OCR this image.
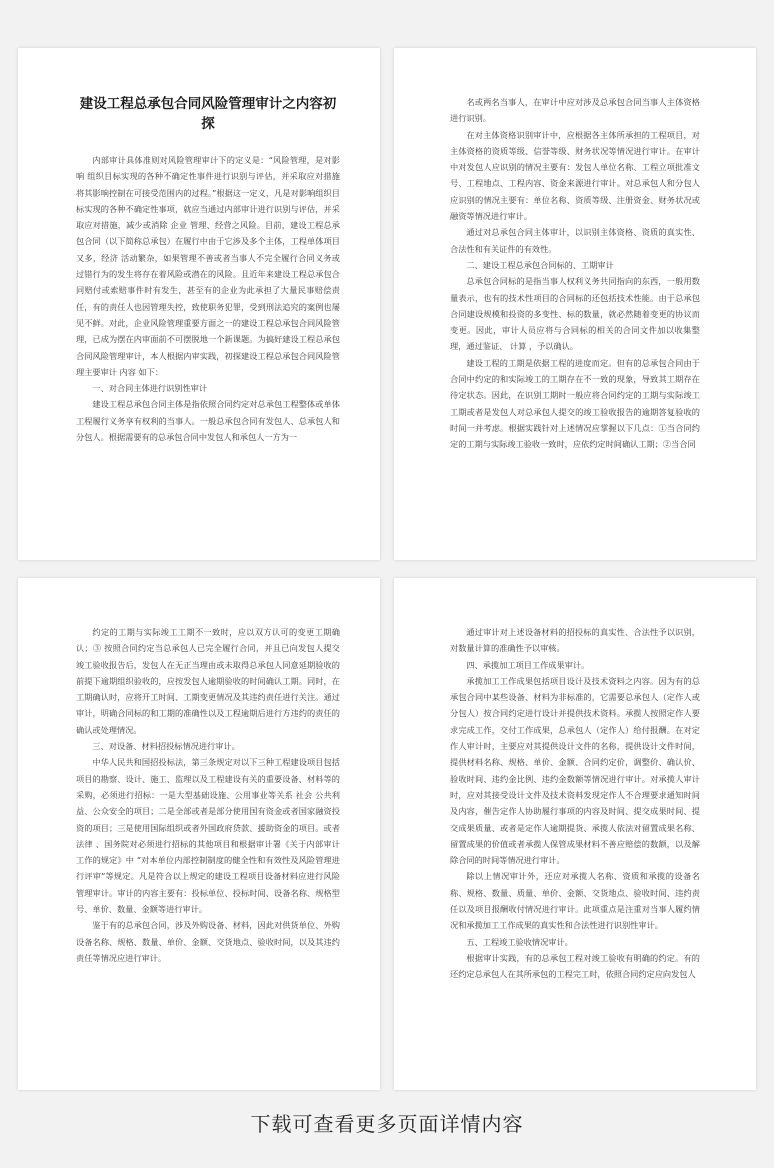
建设工程总承包合同风险管理审计之内容初探

内部审计具体准则对风险管理审计下的定义是：“风险管理，是对影响 组织目标实现的各种不确定性事件进行识别与评估，并采取应对措施将其影响控制在可接受范围内的过程。”根据这一定义，凡是对影响组织目标实现的各种不确定性事项，就应当通过内部审计进行识别与评估，并采取应对措施，减少或消除 企业 管理、经营之风险。目前，建设工程总承包合同（以下简称总承包）在履行中由于它涉及多个主体，工程单体项目又多，经济 活动繁杂，如果管理不善或者当事人不完全履行合同义务或过错行为的发生将存在着风险或潜在的风险。且近年来建设工程总承包合同赔付或索赔事件时有发生，甚至有的企业为此承担了大量民事赔偿责任，有的责任人也因管理失控，致使职务犯罪，受到刑法追究的案例也屡见不鲜。对此，企业风险管理重要方面之一的建设工程总承包合同风险管理，已成为摆在内审面前不可摆脱地一个新课题。为搞好建设工程总承包合同风险管理审计，本人根据内审实践，初探建设工程总承包合同风险管理主要审计 内容 如下：

一、对合同主体进行识别性审计

建设工程总承包合同主体是指依照合同约定对总承包工程整体或单体工程履行义务享有权利的当事人。一般总承包合同有发包人、总承包人和分包人。根据需要有的总承包合同中发包人和承包人一方为一

名或两名当事人，在审计中应对涉及总承包合同当事人主体资格进行识别。

在对主体资格识别审计中，应根据各主体所承担的工程项目，对主体资格的资质等级、信誉等级、财务状况等情况进行审计。在审计中对发包人应识别的情况主要有：发包人单位名称、工程立项批准文号、工程地点、工程内容、资金来源进行审计。对总承包人和分包人应识别的情况主要有：单位名称、资质等级、注册资金、财务状况或融资等情况进行审计。

通过对总承包合同主体审计，以识别主体资格、资质的真实性、合法性和有关证件的有效性。

二、建设工程总承包合同标的、工期审计

总承包合同标的是指当事人权利义务共同指向的东西，一般用数量表示，也有的技术性项目的合同标的还包括技术性能。由于总承包合同建设规模和投资的多变性、标的数量，就必然随着变更的协议而变更。因此，审计人员应将与合同标的相关的合同文件加以收集整理，通过鉴证、 计算 ，予以确认。

建设工程的工期是依据工程的进度而定。但有的总承包合同由于合同中约定的和实际竣工的工期存在不一致的现象，导致其工期存在待定状态。因此，在识别工期时一般应将合同约定的工期与实际竣工工期或者是发包人对总承包人提交的竣工验收报告的逾期答复验收的时间一并考虑。根据实践针对上述情况应掌握以下几点：①当合同约定的工期与实际竣工验收一致时，应依约定时间确认工期；②当合同

约定的工期与实际竣工工期不一致时，应以双方认可的变更工期确认；③ 按照合同约定当总承包人已完全履行合同，并且已向发包人提交竣工验收报告后，发包人在无正当理由或未取得总承包人同意延期验收的前提下逾期组织验收的，应按发包人逾期验收的时间确认工期。同时，在工期确认时，应将开工时间、工期变更情况及其违约责任进行关注。通过审计，明确合同标的和工期的准确性以及工程逾期后进行方违约的责任的确认或处理情况。

三、对设备、材料招投标情况进行审计。

中华人民共和国招投标法，第三条规定对以下三种工程建设项目包括项目的勘察、设计、施工、监理以及工程建设有关的重要设备、材料等的采购，必须进行招标：一是大型基础设施、公用事业等关系 社会 公共利益、公众安全的项目；二是全部或者是部分使用国有资金或者国家融资投资的项目；三是使用国际组织或者外国政府贷款、援助资金的项目。或者 法律 、国务院对必须进行招标的其他项目和根据审计署《关于内部审计工作的规定》中 “对本单位内部控制制度的健全性和有效性及风险管理进行评审”等规定。凡是符合以上规定的建设工程项目设备材料应进行风险管理审计。审计的内容主要有：投标单位、投标时间、设备名称、规格型号、单价、数量、金额等进行审计。

鉴于有的总承包合同，涉及外购设备、材料，因此对供货单位、外购设备名称、规格、数量、单价、金额、交货地点、验收时间，以及其违约责任等情况应进行审计。

通过审计对上述设备材料的招投标的真实性、合法性予以识别，对数量计算的准确性予以审核。

四、承揽加工项目工作成果审计。

承揽加工工作成果包括项目设计及技术资料之内容。因为有的总承包合同中某些设备、材料为非标准的，它需要总承包人（定作人或分包人）按合同约定进行设计并提供技术资料。承揽人按照定作人要求完成工作，交付工作成果，总承包人（定作人）给付报酬。在对定作人审计时，主要应对其提供设计文件的名称，提供设计文件时间，提供材料名称、规格、单价、金额、合同约定价，调整价、确认价、验收时间、违约金比例、违约金数额等情况进行审计。对承揽人审计时，应对其接受设计文件及技术资料发现定作人不合理要求通知时间及内容，催告定作人协助履行事项的内容及时间、提交成果时间、提交成果质量、或者是定作人逾期提货、承揽人依法对留置成果名称、留置成果的价值或者承揽人保管成果材料不善应赔偿的数额，以及解除合同的时间等情况进行审计。

除以上情况审计外，还应对承揽人名称、资质和承揽的设备名称、规格、数量、质量、单价、金额、交货地点、验收时间、违约责任以及项目报酬收付情况进行审计。此项重点是注重对当事人履约情况和承揽加工工作成果的真实性和合法性进行识别性审计。

五、工程竣工验收情况审计。

根据审计实践，有的总承包工程对竣工验收有明确的约定。有的还约定总承包人在其所承包的工程完工时，依照合同约定应向发包人

下载可查看更多页面详情内容
